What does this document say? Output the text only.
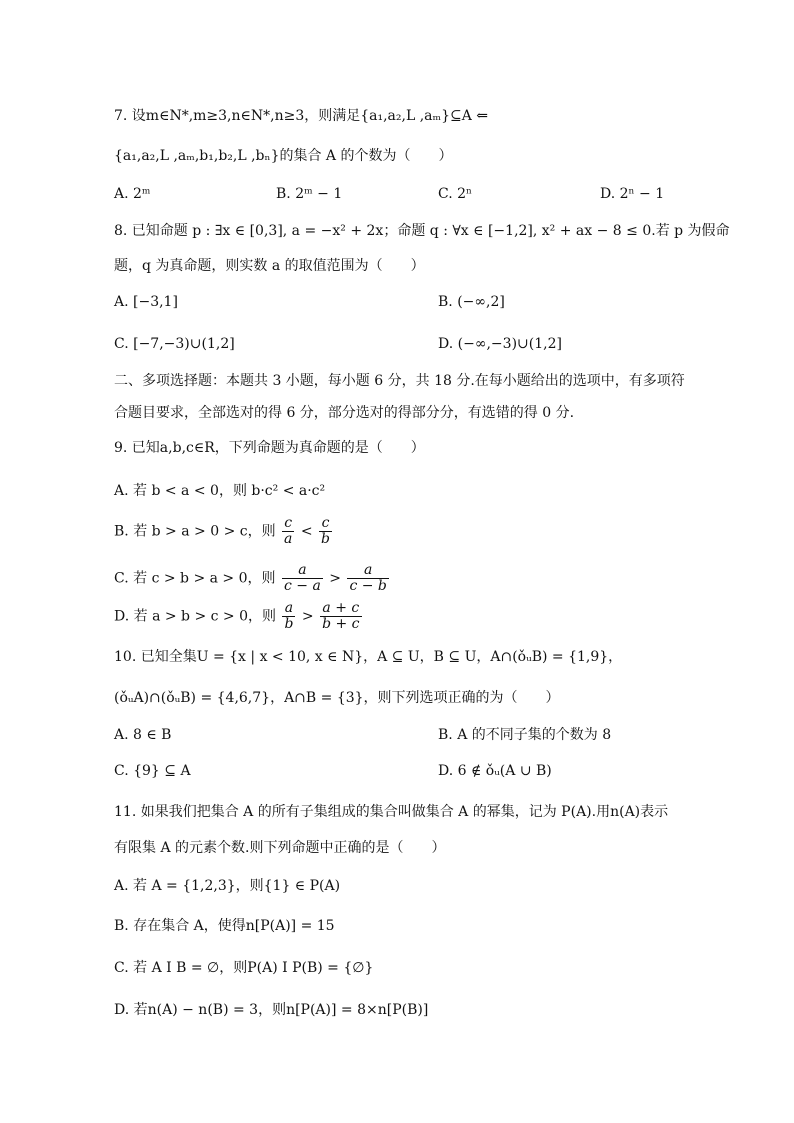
7. 设m∈N*,m≥3,n∈N*,n≥3，则满足{a₁,a₂,L ,aₘ}⊆A ⇐
{a₁,a₂,L ,aₘ,b₁,b₂,L ,bₙ}的集合 A 的个数为（　　）
A. 2ᵐ	B. 2ᵐ − 1	C. 2ⁿ	D. 2ⁿ − 1
8. 已知命题 p : ∃x ∈ [0,3], a = −x² + 2x；命题 q : ∀x ∈ [−1,2], x² + ax − 8 ≤ 0.若 p 为假命
题，q 为真命题，则实数 a 的取值范围为（　　）
A. [−3,1]	B. (−∞,2]
C. [−7,−3)∪(1,2]	D. (−∞,−3)∪(1,2]
二、多项选择题：本题共 3 小题，每小题 6 分，共 18 分.在每小题给出的选项中，有多项符
合题目要求，全部选对的得 6 分，部分选对的得部分分，有选错的得 0 分.
9. 已知a,b,c∈R，下列命题为真命题的是（　　）
A. 若 b < a < 0，则 b·c² < a·c²
B. 若 b > a > 0 > c，则 $\frac{c}{a} < \frac{c}{b}$
C. 若 c > b > a > 0，则 $\frac{a}{c - a} > \frac{a}{c - b}$
D. 若 a > b > c > 0，则 $\frac{a}{b} > \frac{a + c}{b + c}$
10. 已知全集U = {x | x < 10, x ∈ N}，A ⊆ U，B ⊆ U，A∩(ǒᵤB) = {1,9}，
(ǒᵤA)∩(ǒᵤB) = {4,6,7}，A∩B = {3}，则下列选项正确的为（　　）
A. 8 ∈ B	B. A 的不同子集的个数为 8
C. {9} ⊆ A	D. 6 ∉ ǒᵤ(A ∪ B)
11. 如果我们把集合 A 的所有子集组成的集合叫做集合 A 的幂集，记为 P(A).用n(A)表示
有限集 A 的元素个数.则下列命题中正确的是（　　）
A. 若 A = {1,2,3}，则{1} ∈ P(A)
B. 存在集合 A，使得n[P(A)] = 15
C. 若 A I B = ∅，则P(A) I P(B) = {∅}
D. 若n(A) − n(B) = 3，则n[P(A)] = 8×n[P(B)]
